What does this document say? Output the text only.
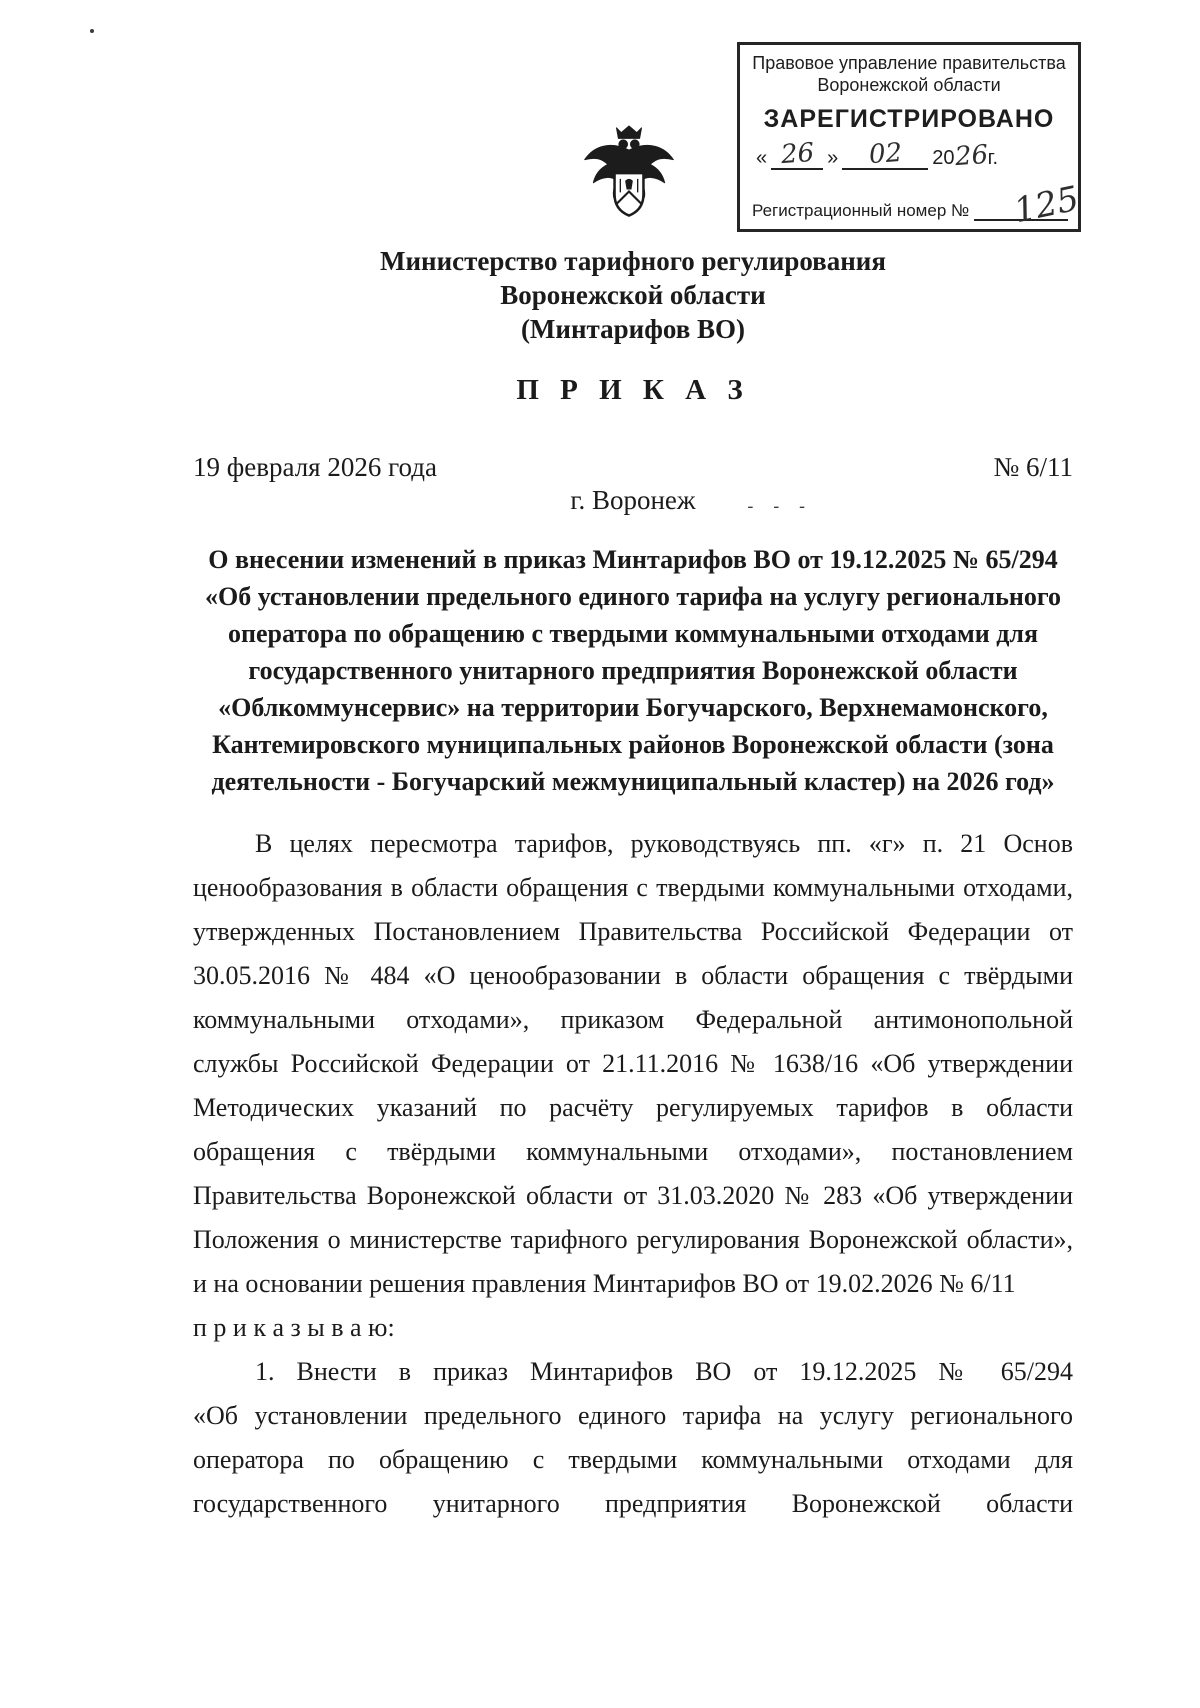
Правовое управление правительства
Воронежской области
ЗАРЕГИСТРИРОВАНО
« 26 »	02	2026г.
Регистрационный номер № 125
Министерство тарифного регулирования
Воронежской области
(Минтарифов ВО)
П Р И К А З
19 февраля 2026 года	№ 6/11
г. Воронеж	- - -
О внесении изменений в приказ Минтарифов ВО от 19.12.2025 № 65/294
«Об установлении предельного единого тарифа на услугу регионального
оператора по обращению с твердыми коммунальными отходами для
государственного унитарного предприятия Воронежской области
«Облкоммунсервис» на территории Богучарского, Верхнемамонского,
Кантемировского муниципальных районов Воронежской области (зона
деятельности - Богучарский межмуниципальный кластер) на 2026 год»
В целях пересмотра тарифов, руководствуясь пп. «г» п. 21 Основ
ценообразования в области обращения с твердыми коммунальными отходами,
утвержденных Постановлением Правительства Российской Федерации от
30.05.2016 № 484 «О ценообразовании в области обращения с твёрдыми
коммунальными отходами», приказом Федеральной антимонопольной
службы Российской Федерации от 21.11.2016 № 1638/16 «Об утверждении
Методических указаний по расчёту регулируемых тарифов в области
обращения с твёрдыми коммунальными отходами», постановлением
Правительства Воронежской области от 31.03.2020 № 283 «Об утверждении
Положения о министерстве тарифного регулирования Воронежской области»,
и на основании решения правления Минтарифов ВО от 19.02.2026 № 6/11
п р и к а з ы в а ю:
1. Внести в приказ Минтарифов ВО от 19.12.2025 № 65/294
«Об установлении предельного единого тарифа на услугу регионального
оператора по обращению с твердыми коммунальными отходами для
государственного унитарного предприятия Воронежской области
